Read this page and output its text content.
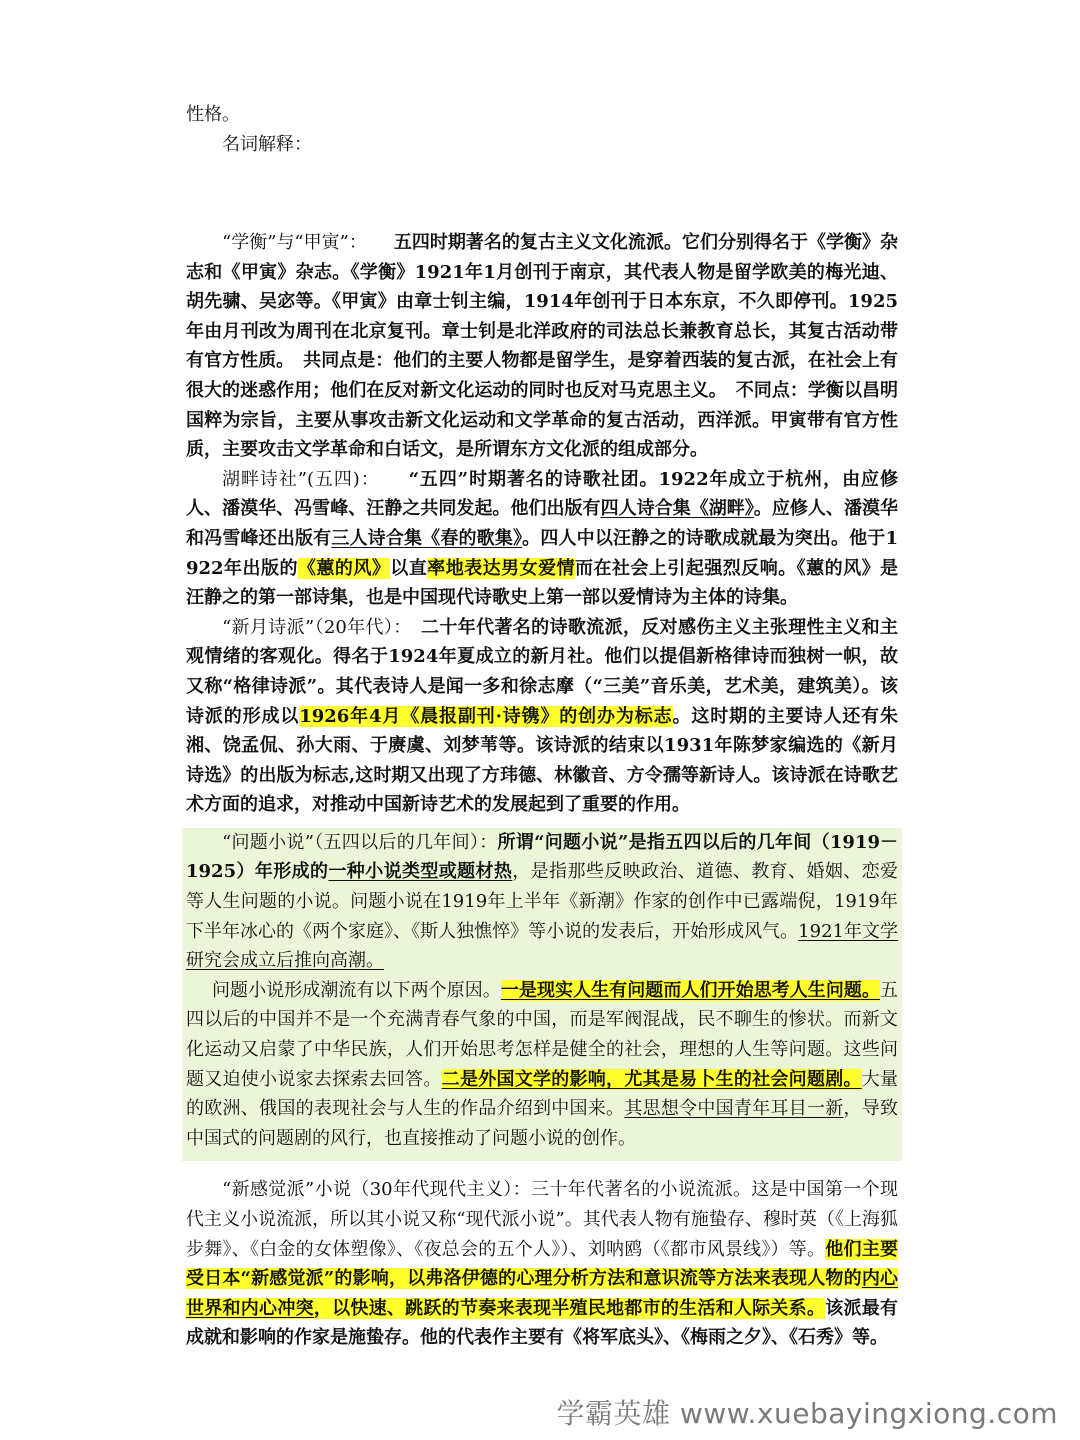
性格。

名词解释：

“学衡”与“甲寅”：　　五四时期著名的复古主义文化流派。它们分别得名于《学衡》杂志和《甲寅》杂志。《学衡》1921年1月创刊于南京，其代表人物是留学欧美的梅光迪、胡先骕、吴宓等。《甲寅》由章士钊主编，1914年创刊于日本东京，不久即停刊。1925年由月刊改为周刊在北京复刊。章士钊是北洋政府的司法总长兼教育总长，其复古活动带有官方性质。　共同点是：他们的主要人物都是留学生，是穿着西装的复古派，在社会上有很大的迷惑作用；他们在反对新文化运动的同时也反对马克思主义。　不同点：学衡以昌明国粹为宗旨，主要从事攻击新文化运动和文学革命的复古活动，西洋派。甲寅带有官方性质，主要攻击文学革命和白话文，是所谓东方文化派的组成部分。

湖畔诗社”(五四)：　　“五四”时期著名的诗歌社团。1922年成立于杭州，由应修人、潘漠华、冯雪峰、汪静之共同发起。他们出版有四人诗合集《湖畔》。应修人、潘漠华和冯雪峰还出版有三人诗合集《春的歌集》。四人中以汪静之的诗歌成就最为突出。他于1922年出版的《蕙的风》以直率地表达男女爱情而在社会上引起强烈反响。《蕙的风》是汪静之的第一部诗集，也是中国现代诗歌史上第一部以爱情诗为主体的诗集。

“新月诗派”（20年代）：　二十年代著名的诗歌流派，反对感伤主义主张理性主义和主观情绪的客观化。得名于1924年夏成立的新月社。他们以提倡新格律诗而独树一帜，故又称“格律诗派”。其代表诗人是闻一多和徐志摩（“三美”音乐美，艺术美，建筑美）。该诗派的形成以1926年4月《晨报副刊·诗镌》的创办为标志。这时期的主要诗人还有朱湘、饶孟侃、孙大雨、于赓虞、刘梦苇等。该诗派的结束以1931年陈梦家编选的《新月诗选》的出版为标志,这时期又出现了方玮德、林徽音、方令孺等新诗人。该诗派在诗歌艺术方面的追求，对推动中国新诗艺术的发展起到了重要的作用。

“问题小说”（五四以后的几年间）：所谓“问题小说”是指五四以后的几年间（1919－1925）年形成的一种小说类型或题材热，是指那些反映政治、道德、教育、婚姻、恋爱等人生问题的小说。问题小说在1919年上半年《新潮》作家的创作中已露端倪，1919年下半年冰心的《两个家庭》、《斯人独憔悴》等小说的发表后，开始形成风气。1921年文学研究会成立后推向高潮。

问题小说形成潮流有以下两个原因。一是现实人生有问题而人们开始思考人生问题。五四以后的中国并不是一个充满青春气象的中国，而是军阀混战，民不聊生的惨状。而新文化运动又启蒙了中华民族，人们开始思考怎样是健全的社会，理想的人生等问题。这些问题又迫使小说家去探索去回答。二是外国文学的影响，尤其是易卜生的社会问题剧。大量的欧洲、俄国的表现社会与人生的作品介绍到中国来。其思想令中国青年耳目一新，导致中国式的问题剧的风行，也直接推动了问题小说的创作。

“新感觉派”小说（30年代现代主义）：三十年代著名的小说流派。这是中国第一个现代主义小说流派，所以其小说又称“现代派小说”。其代表人物有施蛰存、穆时英（《上海狐步舞》、《白金的女体塑像》、《夜总会的五个人》）、刘呐鸥（《都市风景线》）等。他们主要受日本“新感觉派”的影响，以弗洛伊德的心理分析方法和意识流等方法来表现人物的内心世界和内心冲突，以快速、跳跃的节奏来表现半殖民地都市的生活和人际关系。该派最有成就和影响的作家是施蛰存。他的代表作主要有《将军底头》、《梅雨之夕》、《石秀》等。

学霸英雄 www.xuebayingxiong.com
